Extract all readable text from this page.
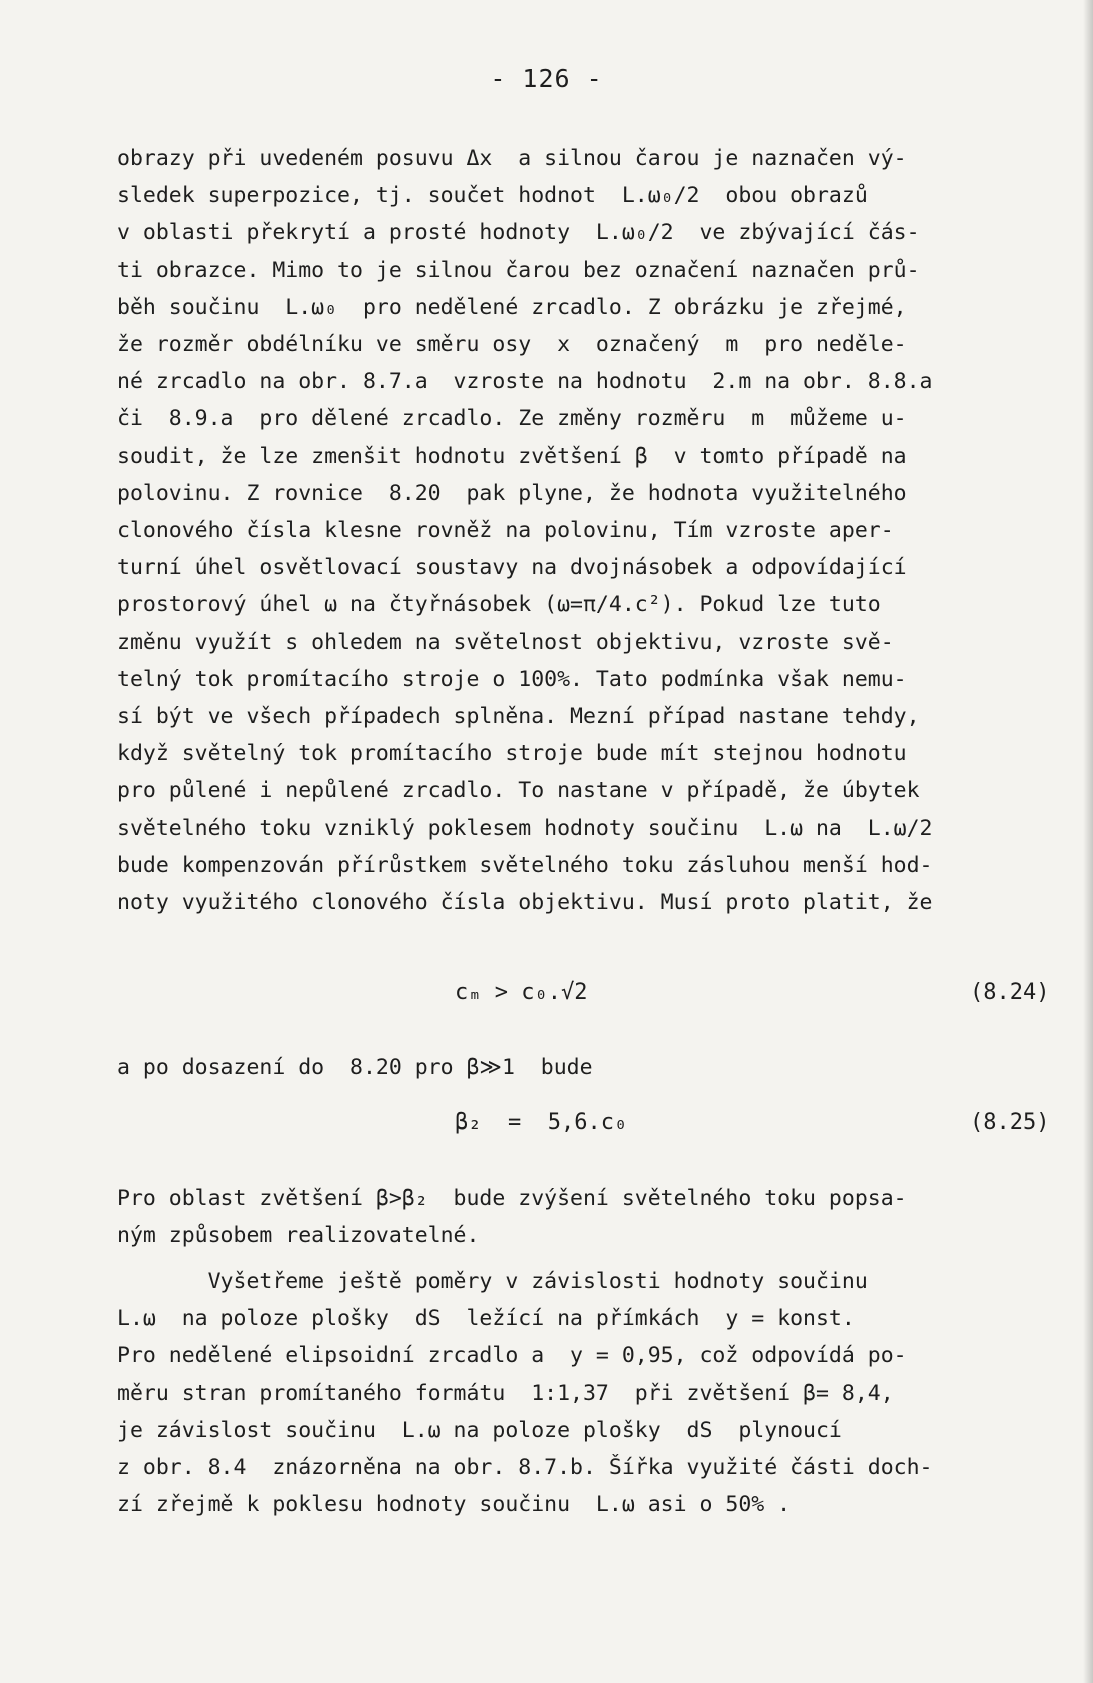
- 126 -
obrazy při uvedeném posuvu Δx  a silnou čarou je naznačen vý-
sledek superpozice, tj. součet hodnot  L.ω₀/2  obou obrazů
v oblasti překrytí a prosté hodnoty  L.ω₀/2  ve zbývající čás-
ti obrazce. Mimo to je silnou čarou bez označení naznačen prů-
běh součinu  L.ω₀  pro nedělené zrcadlo. Z obrázku je zřejmé,
že rozměr obdélníku ve směru osy  x  označený  m  pro neděle-
né zrcadlo na obr. 8.7.a  vzroste na hodnotu  2.m na obr. 8.8.a
či  8.9.a  pro dělené zrcadlo. Ze změny rozměru  m  můžeme u-
soudit, že lze zmenšit hodnotu zvětšení β  v tomto případě na
polovinu. Z rovnice  8.20  pak plyne, že hodnota využitelného
clonového čísla klesne rovněž na polovinu, Tím vzroste aper-
turní úhel osvětlovací soustavy na dvojnásobek a odpovídající
prostorový úhel ω na čtyřnásobek (ω=π/4.c²). Pokud lze tuto
změnu využít s ohledem na světelnost objektivu, vzroste svě-
telný tok promítacího stroje o 100%. Tato podmínka však nemu-
sí být ve všech případech splněna. Mezní případ nastane tehdy,
když světelný tok promítacího stroje bude mít stejnou hodnotu
pro půlené i nepůlené zrcadlo. To nastane v případě, že úbytek
světelného toku vzniklý poklesem hodnoty součinu  L.ω na  L.ω/2
bude kompenzován přírůstkem světelného toku zásluhou menší hod-
noty využitého clonového čísla objektivu. Musí proto platit, že
cₘ > c₀.√2	(8.24)
a po dosazení do  8.20 pro β≫1  bude
β₂  =  5,6.c₀	(8.25)
Pro oblast zvětšení β>β₂  bude zvýšení světelného toku popsa-
ným způsobem realizovatelné.
Vyšetřeme ještě poměry v závislosti hodnoty součinu
L.ω  na poloze plošky  dS  ležící na přímkách  y = konst.
Pro nedělené elipsoidní zrcadlo a  y = 0,95, což odpovídá po-
měru stran promítaného formátu  1:1,37  při zvětšení β= 8,4,
je závislost součinu  L.ω na poloze plošky  dS  plynoucí
z obr. 8.4  znázorněna na obr. 8.7.b. Šířka využité části doch-
zí zřejmě k poklesu hodnoty součinu  L.ω asi o 50% .
